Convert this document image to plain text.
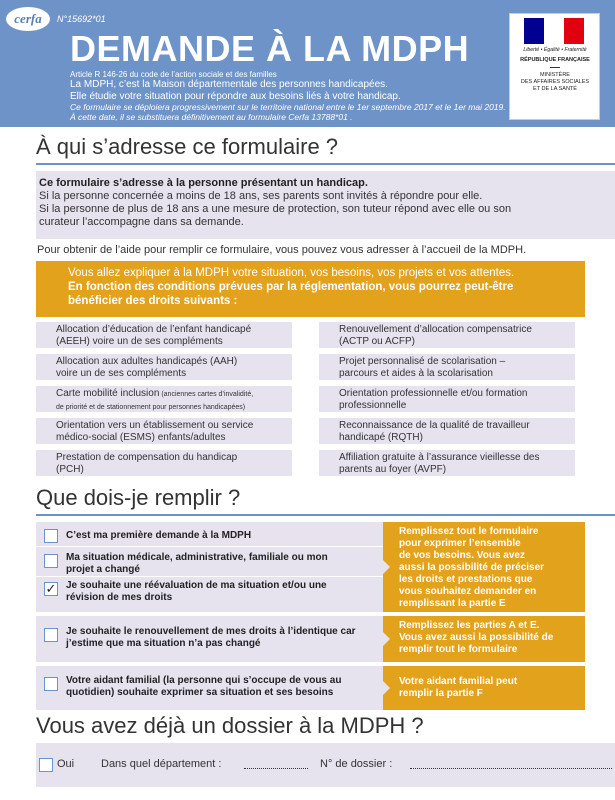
cerfa	N°15692*01
DEMANDE À LA MDPH
Article R 146-26 du code de l’action sociale et des familles
La MDPH, c’est la Maison départementale des personnes handicapées.
Elle étudie votre situation pour répondre aux besoins liés à votre handicap.
Ce formulaire se déploiera progressivement sur le territoire national entre le 1er septembre 2017 et le 1er mai 2019.
À cette date, il se substituera définitivement au formulaire Cerfa 13788*01 .
Liberté • Égalité • Fraternité
RÉPUBLIQUE FRANÇAISE
MINISTÈRE
DES AFFAIRES SOCIALES
ET DE LA SANTÉ
À qui s’adresse ce formulaire ?
Ce formulaire s’adresse à la personne présentant un handicap.
Si la personne concernée a moins de 18 ans, ses parents sont invités à répondre pour elle.
Si la personne de plus de 18 ans a une mesure de protection, son tuteur répond avec elle ou son
curateur l’accompagne dans sa demande.
Pour obtenir de l’aide pour remplir ce formulaire, vous pouvez vous adresser à l’accueil de la MDPH.
Vous allez expliquer à la MDPH votre situation, vos besoins, vos projets et vos attentes.
En fonction des conditions prévues par la réglementation, vous pourrez peut-être
bénéficier des droits suivants :
Allocation d’éducation de l’enfant handicapé
(AEEH) voire un de ses compléments
Allocation aux adultes handicapés (AAH)
voire un de ses compléments
Carte mobilité inclusion (anciennes cartes d’invalidité,
de priorité et de stationnement pour personnes handicapées)
Orientation vers un établissement ou service
médico-social (ESMS) enfants/adultes
Prestation de compensation du handicap
(PCH)
Renouvellement d’allocation compensatrice
(ACTP ou ACFP)
Projet personnalisé de scolarisation –
parcours et aides à la scolarisation
Orientation professionnelle et/ou formation
professionnelle
Reconnaissance de la qualité de travailleur
handicapé (RQTH)
Affiliation gratuite à l’assurance vieillesse des
parents au foyer (AVPF)
Que dois-je remplir ?
C’est ma première demande à la MDPH
Ma situation médicale, administrative, familiale ou mon
projet a changé
✓ Je souhaite une réévaluation de ma situation et/ou une
révision de mes droits
Remplissez tout le formulaire
pour exprimer l’ensemble
de vos besoins. Vous avez
aussi la possibilité de préciser
les droits et prestations que
vous souhaitez demander en
remplissant la partie E
Je souhaite le renouvellement de mes droits à l’identique car
j’estime que ma situation n’a pas changé
Remplissez les parties A et E.
Vous avez aussi la possibilité de
remplir tout le formulaire
Votre aidant familial (la personne qui s’occupe de vous au
quotidien) souhaite exprimer sa situation et ses besoins
Votre aidant familial peut
remplir la partie F
Vous avez déjà un dossier à la MDPH ?
Oui Dans quel département :	N° de dossier :
